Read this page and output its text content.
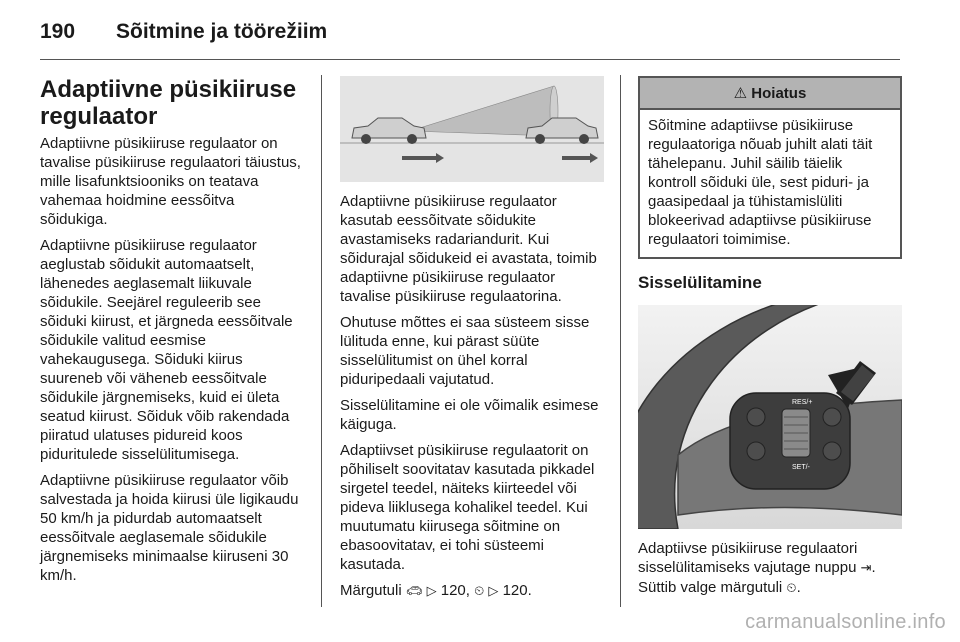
190 Sõitmine ja töörežiim
Adaptiivne püsikiiruse regulaator

Adaptiivne püsikiiruse regulaator on tavalise püsikiiruse regulaatori täiustus, mille lisafunktsiooniks on teatava vahemaa hoidmine eessõitva sõidukiga.

Adaptiivne püsikiiruse regulaator aeglustab sõidukit automaatselt, lähenedes aeglasemalt liikuvale sõidukile. Seejärel reguleerib see sõiduki kiirust, et järgneda eessõitvale sõidukile valitud eesmise vahekaugusega. Sõiduki kiirus suureneb või väheneb eessõitvale sõidukile järgnemiseks, kuid ei ületa seatud kiirust. Sõiduk võib rakendada piiratud ulatuses pidureid koos piduritulede sisselülitumisega.

Adaptiivne püsikiiruse regulaator võib salvestada ja hoida kiirusi üle ligikaudu 50 km/h ja pidurdab automaatselt eessõitvale aeglasemale sõidukile järgnemiseks minimaalse kiiruseni 30 km/h.

Adaptiivne püsikiiruse regulaator kasutab eessõitvate sõidukite avastamiseks radariandurit. Kui sõidurajal sõidukeid ei avastata, toimib adaptiivne püsikiiruse regulaator tavalise püsikiiruse regulaatorina.

Ohutuse mõttes ei saa süsteem sisse lülituda enne, kui pärast süüte sisselülitumist on ühel korral piduripedaali vajutatud.

Sisselülitamine ei ole võimalik esimese käiguga.

Adaptiivset püsikiiruse regulaatorit on põhiliselt soovitatav kasutada pikkadel sirgetel teedel, näiteks kiirteedel või pideva liiklusega kohalikel teedel. Kui muutumatu kiirusega sõitmine on ebasoovitatav, ei tohi süsteemi kasutada.

Märgutuli 🚗︎ ▷ 120, ⏲ ▷ 120.

⚠ Hoiatus

Sõitmine adaptiivse püsikiiruse regulaatoriga nõuab juhilt alati täit tähelepanu. Juhil säilib täielik kontroll sõiduki üle, sest piduri- ja gaasipedaal ja tühistamislüliti blokeerivad adaptiivse püsikiiruse regulaatori toimimise.

Sisselülitamine
RES/+
SET/-

Adaptiivse püsikiiruse regulaatori sisselülitamiseks vajutage nuppu ⇥. Süttib valge märgutuli ⏲.

carmanualsonline.info
